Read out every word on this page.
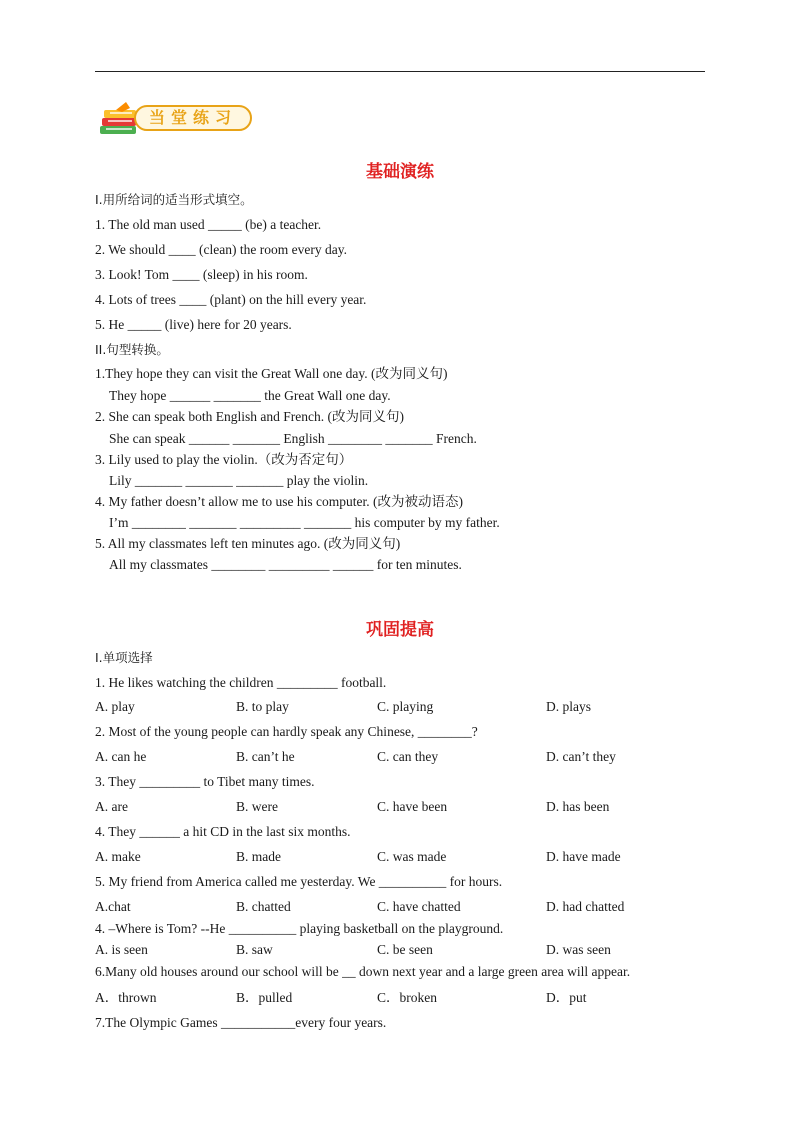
当堂练习
基础演练
I.用所给词的适当形式填空。
1. The old man used _____ (be) a teacher.
2. We should ____ (clean) the room every day.
3. Look! Tom ____ (sleep) in his room.
4. Lots of trees ____ (plant) on the hill every year.
5. He _____ (live) here for 20 years.
II.句型转换。
1.They hope they can visit the Great Wall one day. (改为同义句)
They hope ______ _______ the Great Wall one day.
2. She can speak both English and French. (改为同义句)
She can speak ______ _______ English ________ _______ French.
3. Lily used to play the violin.（改为否定句）
Lily _______ _______ _______ play the violin.
4. My father doesn’t allow me to use his computer. (改为被动语态)
I’m ________ _______ _________ _______ his computer by my father.
5. All my classmates left ten minutes ago. (改为同义句)
All my classmates ________ _________ ______ for ten minutes.
巩固提高
I.单项选择
1. He likes watching the children _________ football.
A. play	B. to play	C. playing	D. plays
2. Most of the young people can hardly speak any Chinese, ________?
A. can he	B. can’t he	C. can they	D. can’t they
3. They _________ to Tibet many times.
A. are	B. were	C. have been	D. has been
4. They ______ a hit CD in the last six months.
A. make	B. made	C. was made	D. have made
5. My friend from America called me yesterday. We __________ for hours.
A.chat	B. chatted	C. have chatted	D. had chatted
4. –Where is Tom? --He __________ playing basketball on the playground.
A. is seen	B. saw	C. be seen	D. was seen
6.Many old houses around our school will be __ down next year and a large green area will appear.
A．thrown	B．pulled	C．broken	D．put
7.The Olympic Games ___________every four years.
